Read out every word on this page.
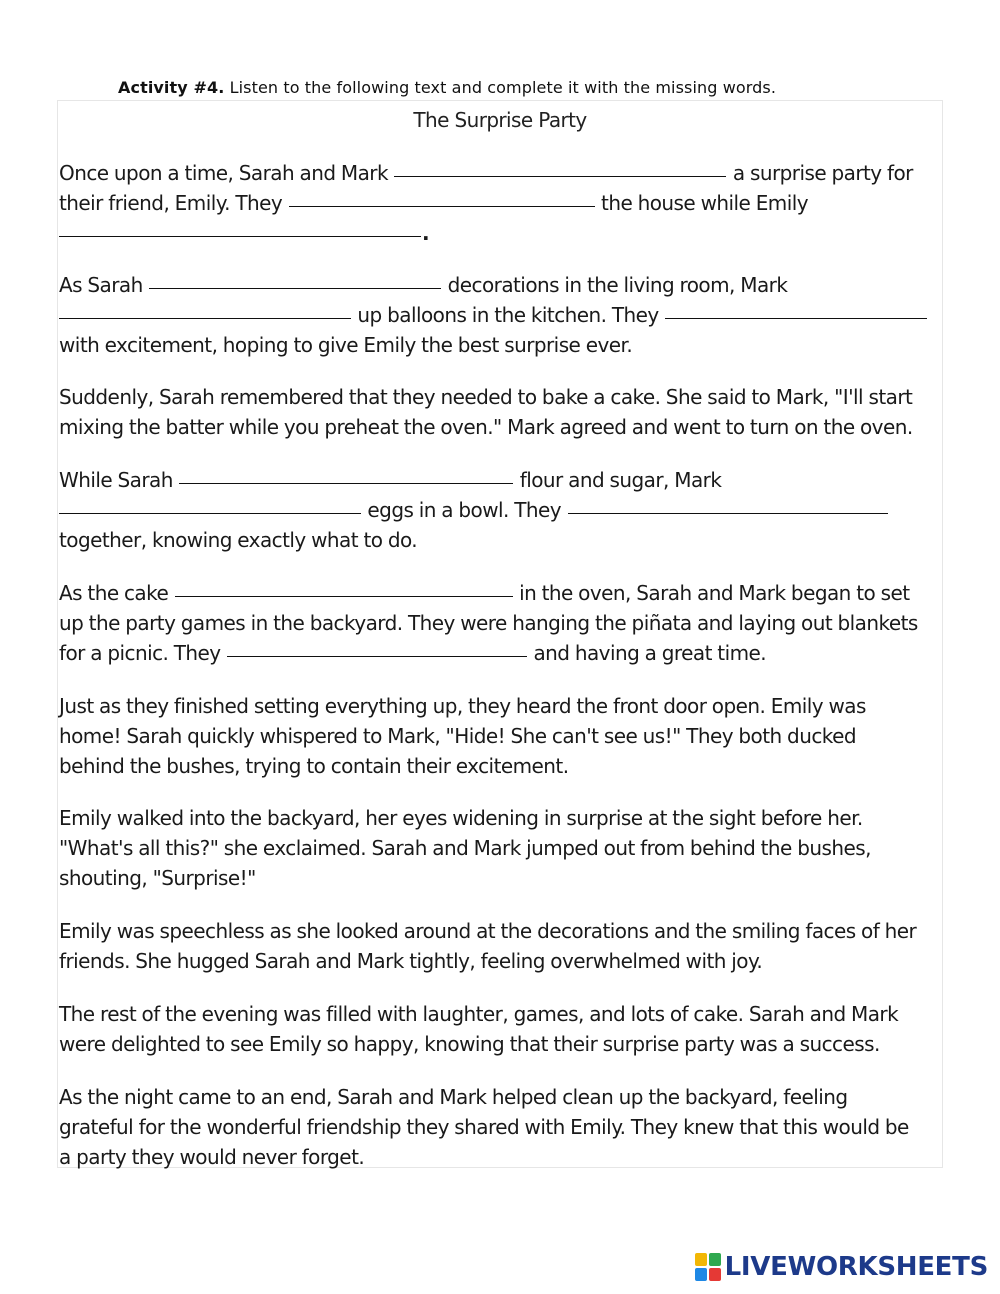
Activity #4. Listen to the following text and complete it with the missing words.
The Surprise Party
Once upon a time, Sarah and Mark	a surprise party for
their friend, Emily. They	the house while Emily
.
As Sarah	decorations in the living room, Mark
up balloons in the kitchen. They
with excitement, hoping to give Emily the best surprise ever.
Suddenly, Sarah remembered that they needed to bake a cake. She said to Mark, "I'll start
mixing the batter while you preheat the oven." Mark agreed and went to turn on the oven.
While Sarah	flour and sugar, Mark
eggs in a bowl. They
together, knowing exactly what to do.
As the cake	in the oven, Sarah and Mark began to set
up the party games in the backyard. They were hanging the piñata and laying out blankets
for a picnic. They	and having a great time.
Just as they finished setting everything up, they heard the front door open. Emily was
home! Sarah quickly whispered to Mark, "Hide! She can't see us!" They both ducked
behind the bushes, trying to contain their excitement.
Emily walked into the backyard, her eyes widening in surprise at the sight before her.
"What's all this?" she exclaimed. Sarah and Mark jumped out from behind the bushes,
shouting, "Surprise!"
Emily was speechless as she looked around at the decorations and the smiling faces of her
friends. She hugged Sarah and Mark tightly, feeling overwhelmed with joy.
The rest of the evening was filled with laughter, games, and lots of cake. Sarah and Mark
were delighted to see Emily so happy, knowing that their surprise party was a success.
As the night came to an end, Sarah and Mark helped clean up the backyard, feeling
grateful for the wonderful friendship they shared with Emily. They knew that this would be
a party they would never forget.
LIVEWORKSHEETS
